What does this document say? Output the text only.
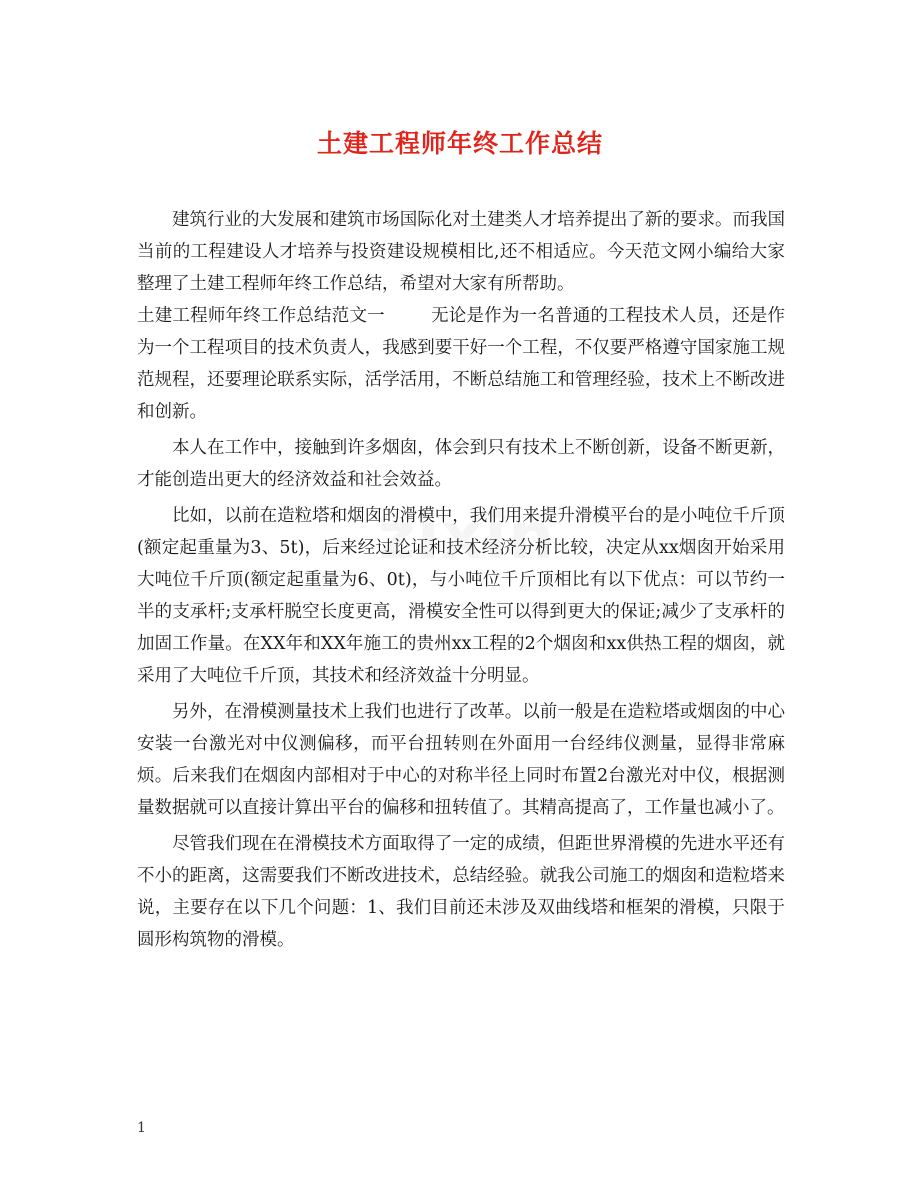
土建工程师年终工作总结
zixin

建筑行业的大发展和建筑市场国际化对土建类人才培养提出了新的要求。而我国当前的工程建设人才培养与投资建设规模相比,还不相适应。今天范文网小编给大家整理了土建工程师年终工作总结，希望对大家有所帮助。

土建工程师年终工作总结范文一	无论是作为一名普通的工程技术人员，还是作为一个工程项目的技术负责人，我感到要干好一个工程，不仅要严格遵守国家施工规范规程，还要理论联系实际，活学活用，不断总结施工和管理经验，技术上不断改进和创新。

本人在工作中，接触到许多烟囱，体会到只有技术上不断创新，设备不断更新，才能创造出更大的经济效益和社会效益。

比如，以前在造粒塔和烟囱的滑模中，我们用来提升滑模平台的是小吨位千斤顶(额定起重量为3、5t)，后来经过论证和技术经济分析比较，决定从xx烟囱开始采用大吨位千斤顶(额定起重量为6、0t)，与小吨位千斤顶相比有以下优点：可以节约一半的支承杆;支承杆脱空长度更高，滑模安全性可以得到更大的保证;减少了支承杆的加固工作量。在XX年和XX年施工的贵州xx工程的2个烟囱和xx供热工程的烟囱，就采用了大吨位千斤顶，其技术和经济效益十分明显。

另外，在滑模测量技术上我们也进行了改革。以前一般是在造粒塔或烟囱的中心安装一台激光对中仪测偏移，而平台扭转则在外面用一台经纬仪测量，显得非常麻烦。后来我们在烟囱内部相对于中心的对称半径上同时布置2台激光对中仪，根据测量数据就可以直接计算出平台的偏移和扭转值了。其精高提高了，工作量也减小了。

尽管我们现在在滑模技术方面取得了一定的成绩，但距世界滑模的先进水平还有不小的距离，这需要我们不断改进技术，总结经验。就我公司施工的烟囱和造粒塔来说，主要存在以下几个问题：1、我们目前还未涉及双曲线塔和框架的滑模，只限于圆形构筑物的滑模。

1
